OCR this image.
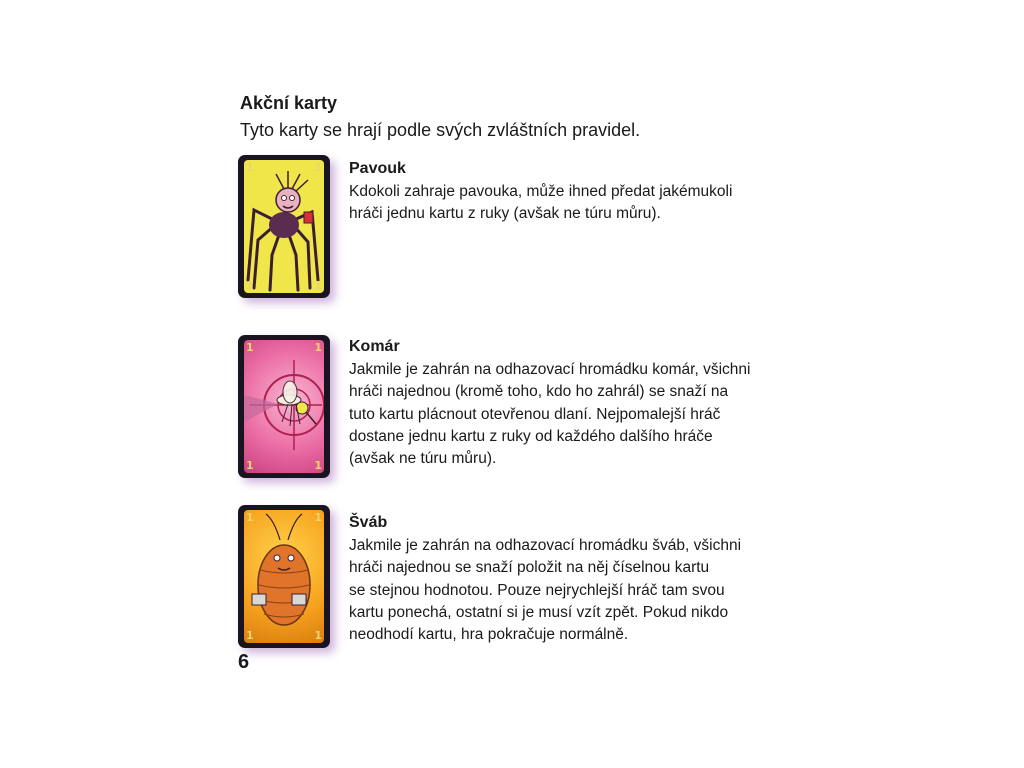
Akční karty
Tyto karty se hrají podle svých zvláštních pravidel.
1	1
1	1
Pavouk

Kdokoli zahraje pavouka, může ihned předat jakémukoli
hráči jednu kartu z ruky (avšak ne túru můru).

1	1
1	1
Komár

Jakmile je zahrán na odhazovací hromádku komár, všichni
hráči najednou (kromě toho, kdo ho zahrál) se snaží na
tuto kartu plácnout otevřenou dlaní. Nejpomalejší hráč
dostane jednu kartu z ruky od každého dalšího hráče
(avšak ne túru můru).

1	1
1	1
Šváb

Jakmile je zahrán na odhazovací hromádku šváb, všichni
hráči najednou se snaží položit na něj číselnou kartu
se stejnou hodnotou. Pouze nejrychlejší hráč tam svou
kartu ponechá, ostatní si je musí vzít zpět. Pokud nikdo
neodhodí kartu, hra pokračuje normálně.

6
